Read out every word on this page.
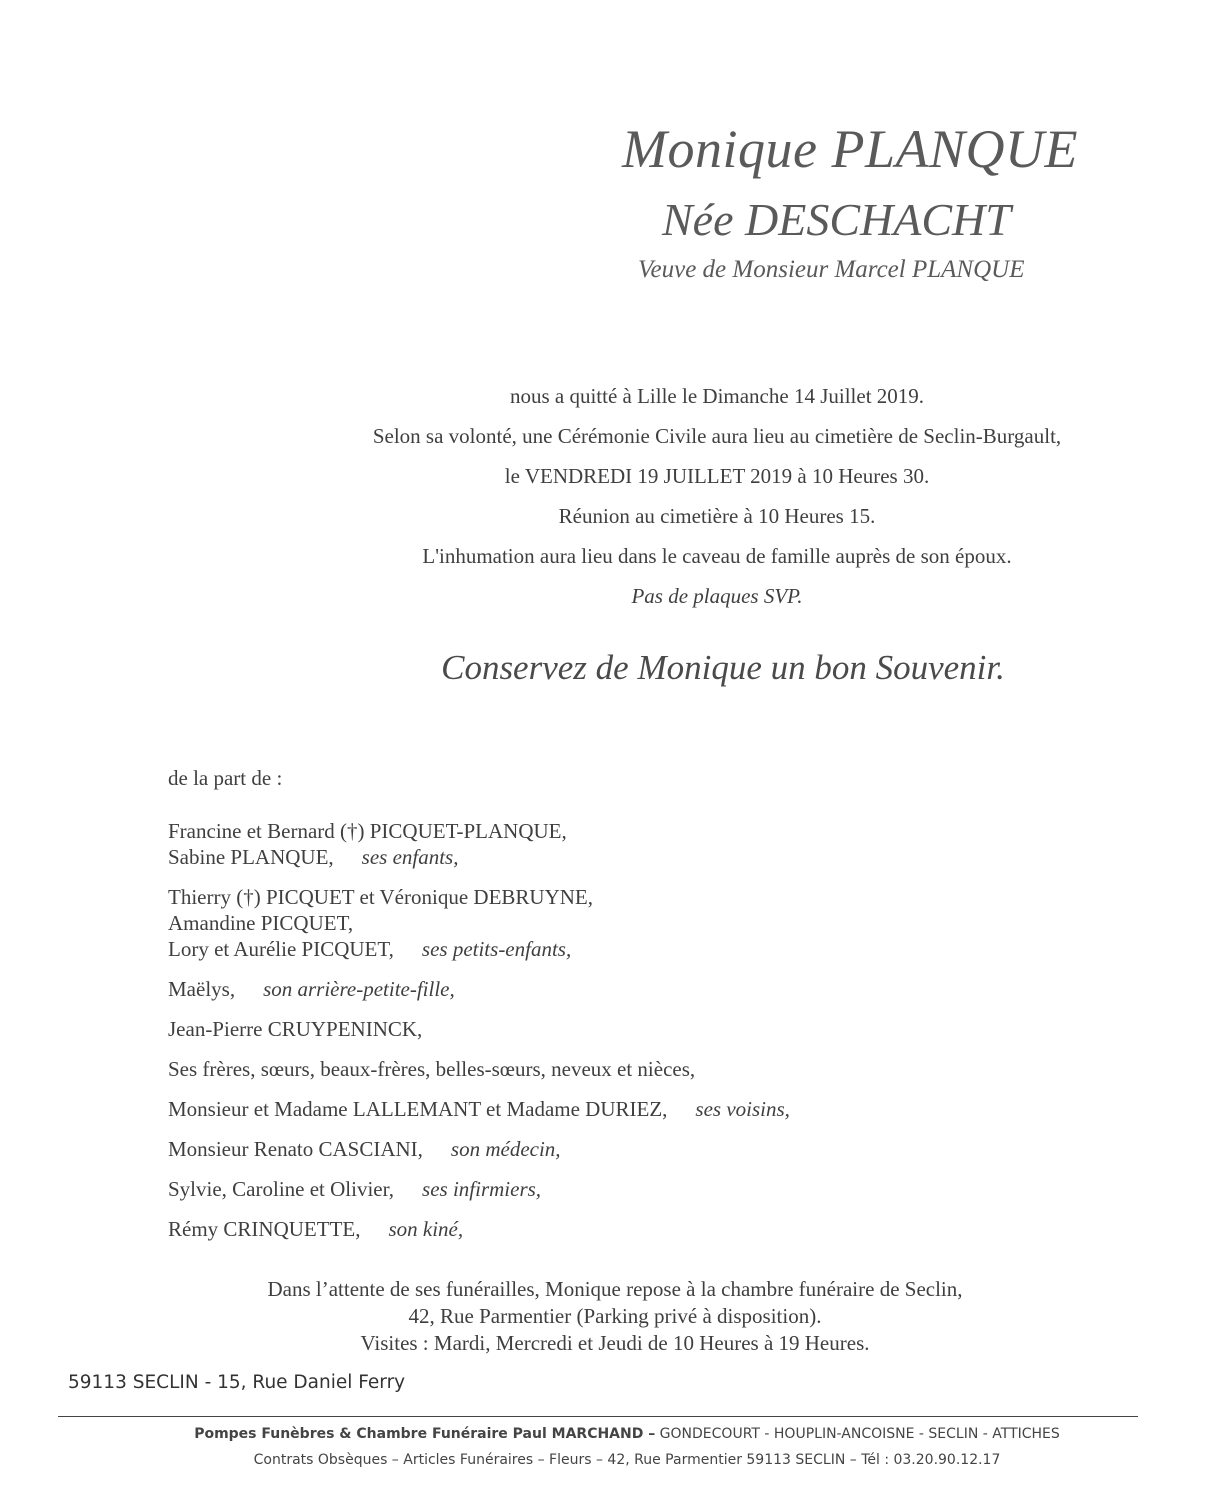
Monique PLANQUE
Née DESCHACHT
Veuve de Monsieur Marcel PLANQUE
nous a quitté à Lille le Dimanche 14 Juillet 2019.
Selon sa volonté, une Cérémonie Civile aura lieu au cimetière de Seclin-Burgault,
le VENDREDI 19 JUILLET 2019 à 10 Heures 30.
Réunion au cimetière à 10 Heures 15.
L'inhumation aura lieu dans le caveau de famille auprès de son époux.
Pas de plaques SVP.
Conservez de Monique un bon Souvenir.
de la part de :
Francine et Bernard (†) PICQUET-PLANQUE,
Sabine PLANQUE, ses enfants,
Thierry (†) PICQUET et Véronique DEBRUYNE,
Amandine PICQUET,
Lory et Aurélie PICQUET, ses petits-enfants,
Maëlys, son arrière-petite-fille,
Jean-Pierre CRUYPENINCK,
Ses frères, sœurs, beaux-frères, belles-sœurs, neveux et nièces,
Monsieur et Madame LALLEMANT et Madame DURIEZ, ses voisins,
Monsieur Renato CASCIANI, son médecin,
Sylvie, Caroline et Olivier, ses infirmiers,
Rémy CRINQUETTE, son kiné,
Dans l’attente de ses funérailles, Monique repose à la chambre funéraire de Seclin,
42, Rue Parmentier (Parking privé à disposition).
Visites : Mardi, Mercredi et Jeudi de 10 Heures à 19 Heures.
59113 SECLIN - 15, Rue Daniel Ferry
Pompes Funèbres & Chambre Funéraire Paul MARCHAND – GONDECOURT - HOUPLIN-ANCOISNE - SECLIN - ATTICHES
Contrats Obsèques – Articles Funéraires – Fleurs – 42, Rue Parmentier 59113 SECLIN – Tél : 03.20.90.12.17
